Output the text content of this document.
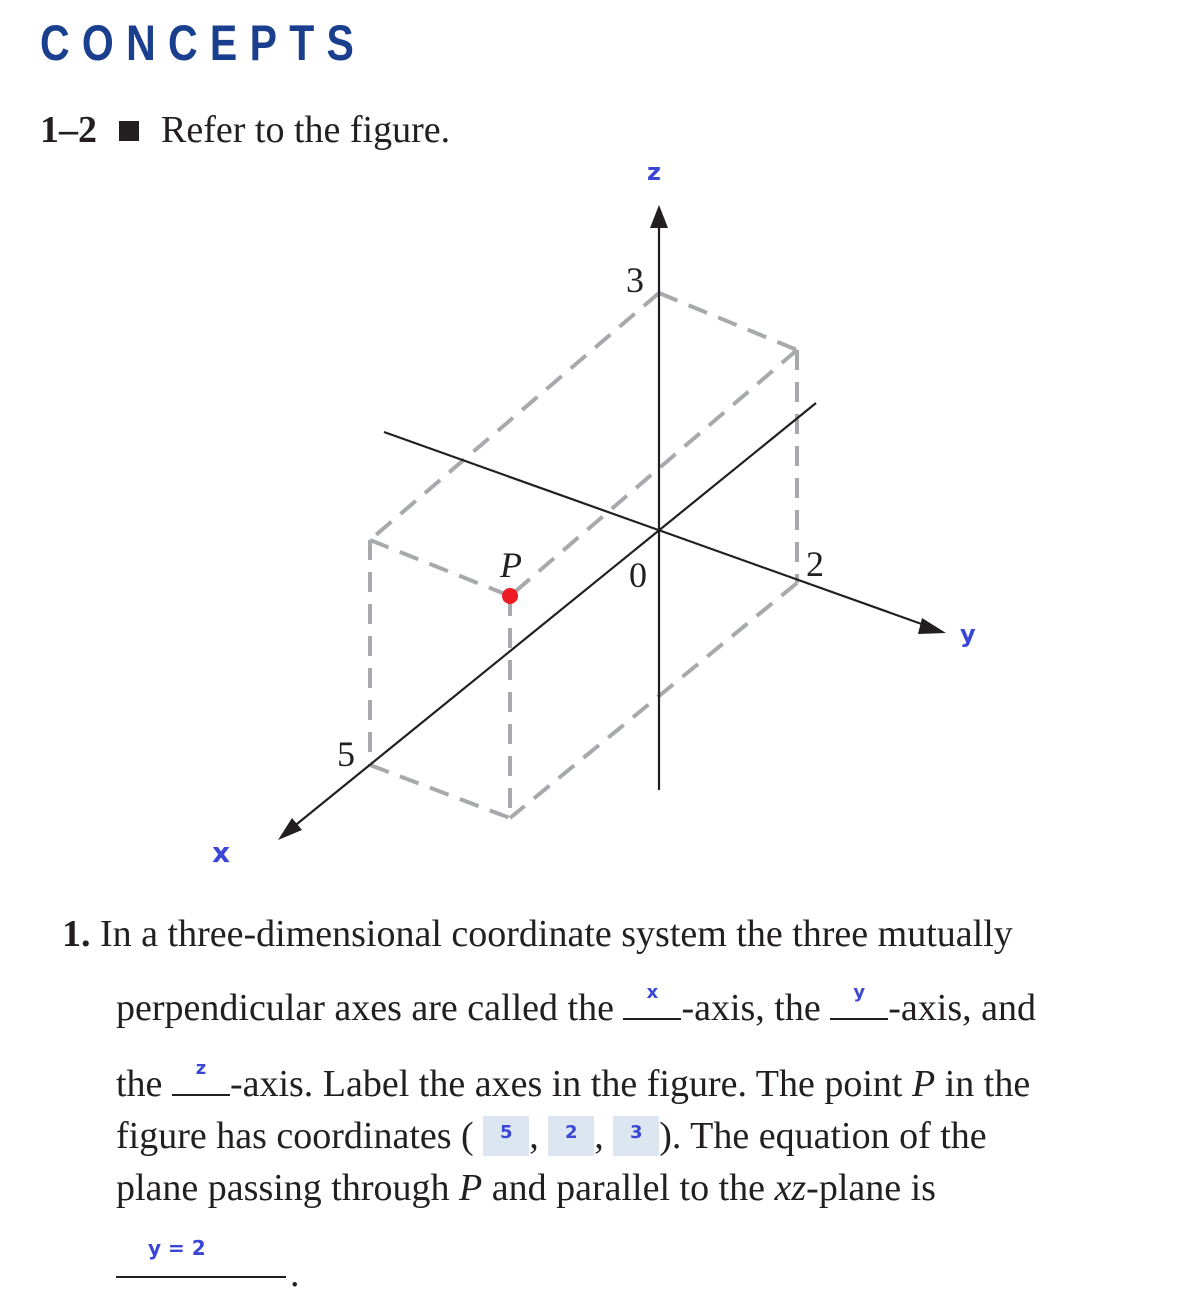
CONCEPTS
1–2 Refer to the figure.
3
2
5
0
P
z
y
x
1. In a three-dimensional coordinate system the three mutually
perpendicular axes are called the	x -axis, the	y -axis, and
the	z -axis. Label the axes in the figure. The point P in the
figure has coordinates (	5 ,	2 ,	3 ). The equation of the
plane passing through P and parallel to the xz-plane is
y = 2
.
